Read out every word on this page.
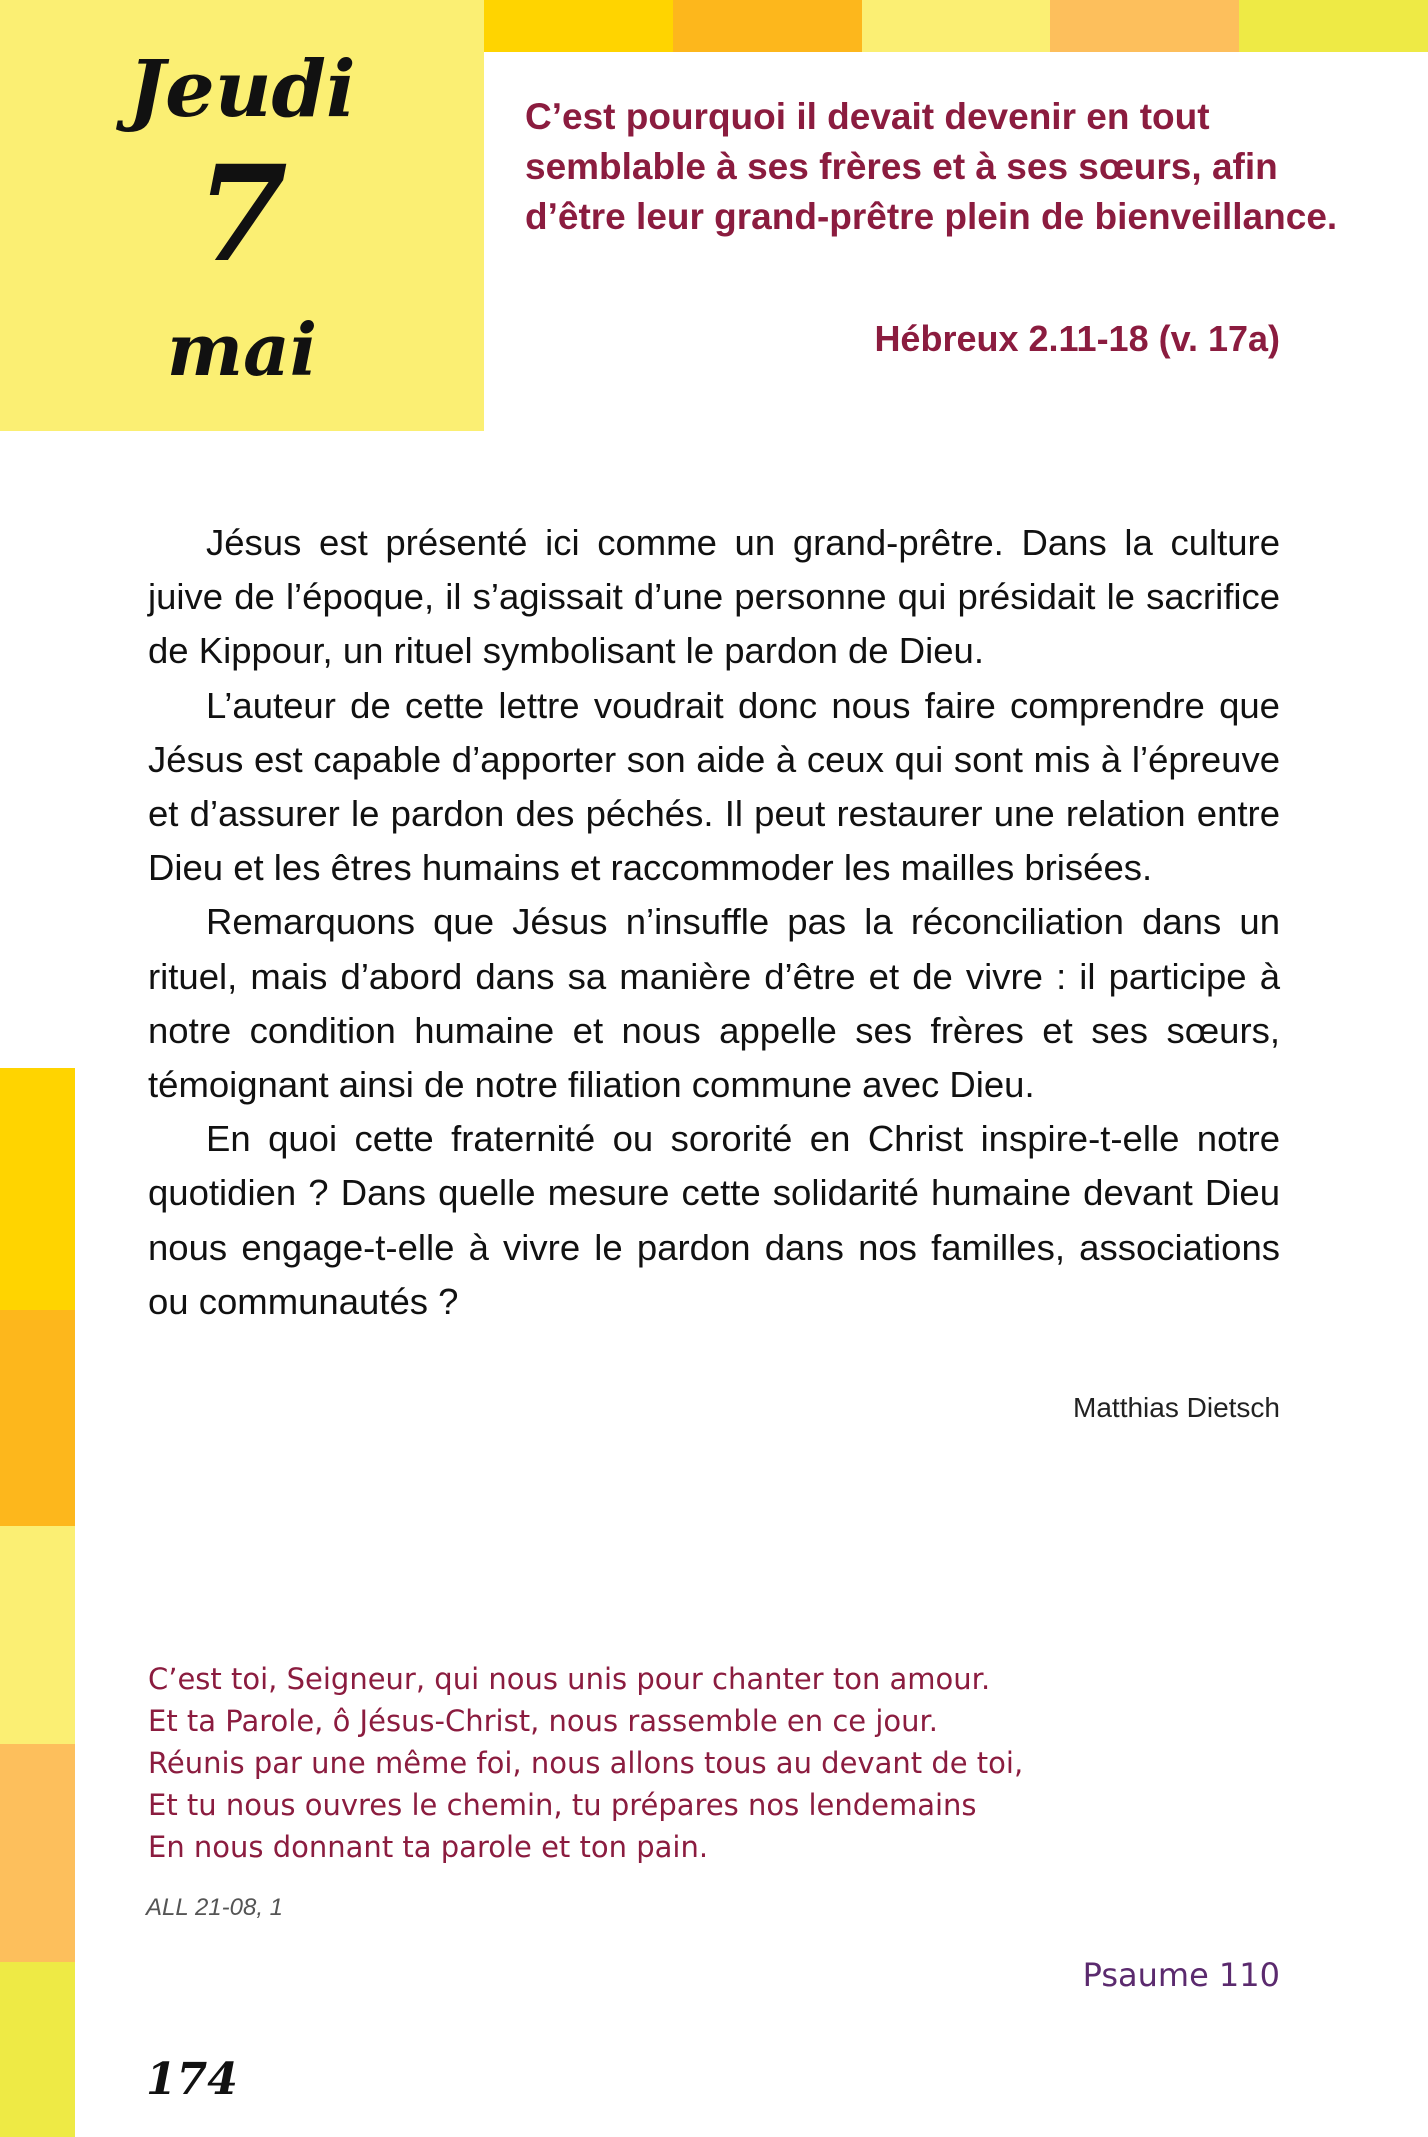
Jeudi
7
mai

C’est pourquoi il devait devenir en tout semblable à ses frères et à ses sœurs, afin d’être leur grand-prêtre plein de bienveillance.

Hébreux 2.11-18 (v. 17a)

Jésus est présenté ici comme un grand-prêtre. Dans la culture juive de l’époque, il s’agissait d’une personne qui présidait le sacrifice de Kippour, un rituel symbolisant le pardon de Dieu.

L’auteur de cette lettre voudrait donc nous faire comprendre que Jésus est capable d’apporter son aide à ceux qui sont mis à l’épreuve et d’assurer le pardon des péchés. Il peut restaurer une relation entre Dieu et les êtres humains et raccommoder les mailles brisées.

Remarquons que Jésus n’insuffle pas la réconciliation dans un rituel, mais d’abord dans sa manière d’être et de vivre : il participe à notre condition humaine et nous appelle ses frères et ses sœurs, témoignant ainsi de notre filiation commune avec Dieu.

En quoi cette fraternité ou sororité en Christ inspire-t-elle notre quotidien ? Dans quelle mesure cette solidarité humaine devant Dieu nous engage-t-elle à vivre le pardon dans nos familles, associations ou communautés ?

Matthias Dietsch
C’est toi, Seigneur, qui nous unis pour chanter ton amour.
Et ta Parole, ô Jésus-Christ, nous rassemble en ce jour.
Réunis par une même foi, nous allons tous au devant de toi,
Et tu nous ouvres le chemin, tu prépares nos lendemains
En nous donnant ta parole et ton pain.
ALL 21-08, 1
Psaume 110
174
